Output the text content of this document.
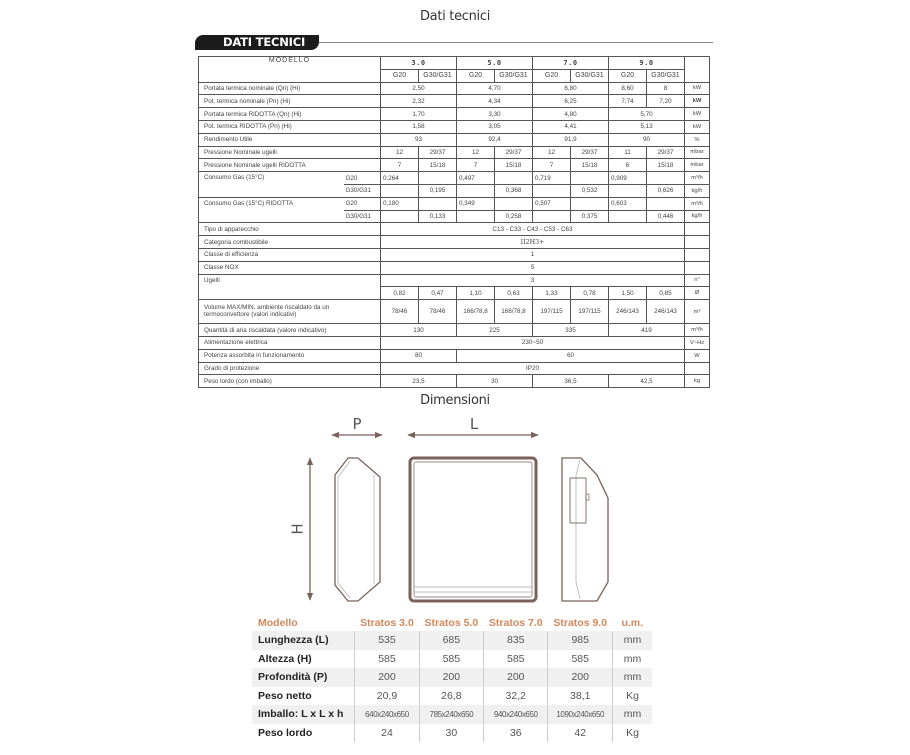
Dati tecnici
DATI TECNICI
MODELLO		3.0		5.0		7.0		9.0		
		G20	G30/G31	G20	G30/G31	G20	G30/G31	G20	G30/G31	
Portata termica nominale (Qn) (Hi)		2,50		4,70		6,80		8,60	8	kW
Pot. termica nominale (Pn) (Hi)		2,32		4,34		6,25		7,74	7,20	kW
Portata termica RIDOTTA (Qn) (Hi)		1,70		3,30		4,80		5,70		kW
Pot. termica RIDOTTA (Pn) (Hi)		1,58		3,05		4,41		5,13		kW
Rendimento Utile		93		92,4		91,9		90		%
Pressione Nominale ugelli		12	29/37	12	29/37	12	29/37	11	29/37	mbar
Pressione Nominale ugelli RIDOTTA		7	15/18	7	15/18	7	15/18	6	15/18	mbar
Consumo Gas (15°C)	G20	0,264		0,497		0,719		0,909		m³/h
	G30/G31		0,195		0,368		0,532		0,626	kg/h
Consumo Gas (15°C) RIDOTTA	G20	0,180		0,349		0,507		0,603		m³/h
	G30/G31		0,133		0,258		0,375		0,446	kg/h
Tipo di apparecchio		C13 - C33 - C43 - C53 - C63								
Categoria combustibile		II2H3+								
Classe di efficienza		1								
Classe NOX		5								
Ugelli		3								n°
		0,82	0,47	1,10	0,63	1,33	0,78	1,50	0,85	Ø
Volume MAX/MIN, ambiente riscaldato da un termoconvettore (valori indicativi)		78/46	78/46	166/78,8	166/78,8	197/115	197/115	246/143	246/143	m³
Quantità di aria riscaldata (valore indicativo)		130		225		335		419		m³/h
Alimentazione elettrica		230~50								V~Hz
Potenza assorbita in funzionamento		80		60						W
Grado di protezione		IP20								
Peso lordo (con imballo)		23,5		30		36,5		42,5		kg
Dimensioni
P	L
H
Modello	Stratos 3.0	Stratos 5.0	Stratos 7.0	Stratos 9.0	u.m.
Lunghezza (L)	535	685	835	985	mm
Altezza (H)	585	585	585	585	mm
Profondità (P)	200	200	200	200	mm
Peso netto	20,9	26,8	32,2	38,1	Kg
Imballo: L x L x h	640x240x650	785x240x650	940x240x650	1090x240x650	mm
Peso lordo	24	30	36	42	Kg
